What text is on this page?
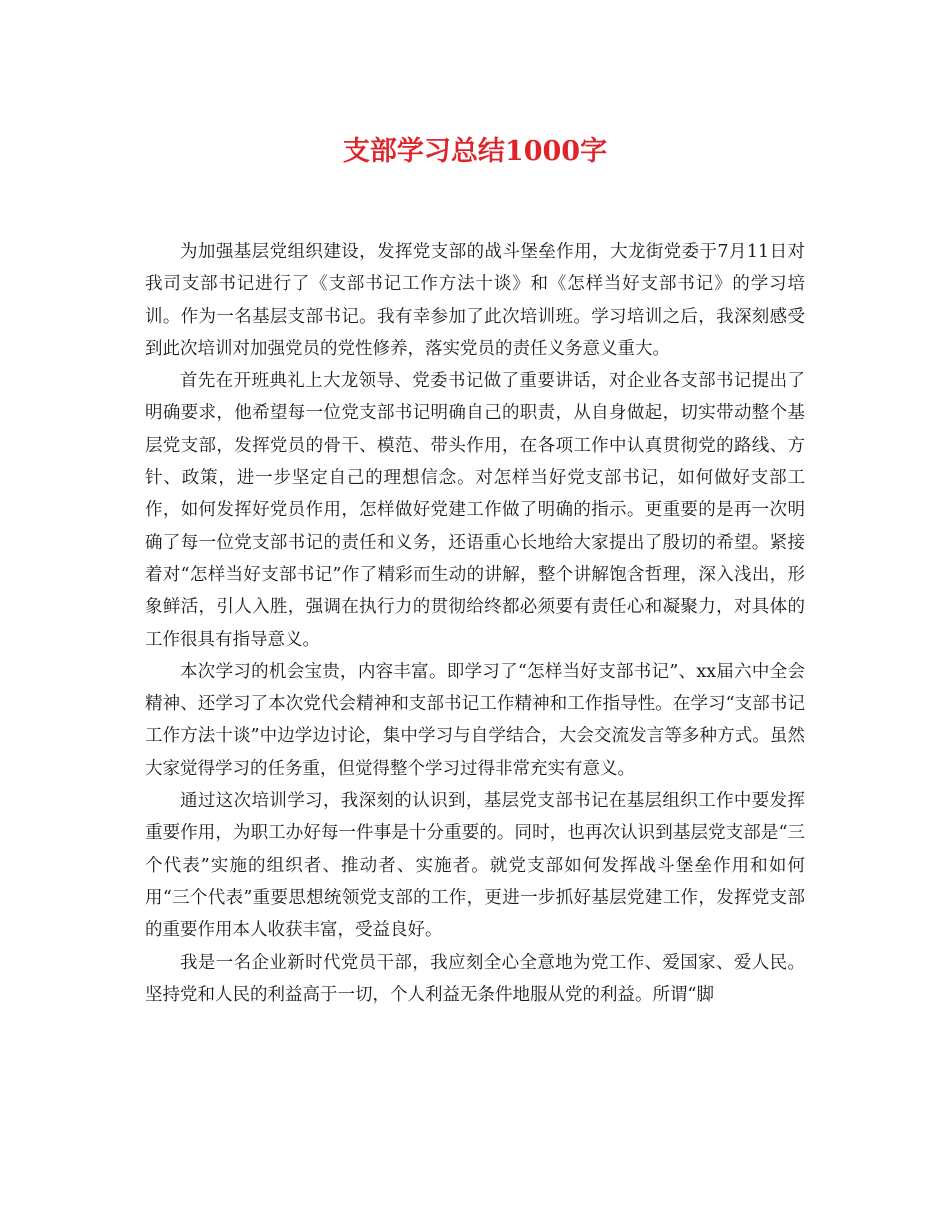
支部学习总结1000字

为加强基层党组织建设，发挥党支部的战斗堡垒作用，大龙街党委于7月11日对我司支部书记进行了《支部书记工作方法十谈》和《怎样当好支部书记》的学习培训。作为一名基层支部书记。我有幸参加了此次培训班。学习培训之后，我深刻感受到此次培训对加强党员的党性修养，落实党员的责任义务意义重大。

首先在开班典礼上大龙领导、党委书记做了重要讲话，对企业各支部书记提出了明确要求，他希望每一位党支部书记明确自己的职责，从自身做起，切实带动整个基层党支部，发挥党员的骨干、模范、带头作用，在各项工作中认真贯彻党的路线、方针、政策，进一步坚定自己的理想信念。对怎样当好党支部书记，如何做好支部工作，如何发挥好党员作用，怎样做好党建工作做了明确的指示。更重要的是再一次明确了每一位党支部书记的责任和义务，还语重心长地给大家提出了殷切的希望。紧接着对“怎样当好支部书记”作了精彩而生动的讲解，整个讲解饱含哲理，深入浅出，形象鲜活，引人入胜，强调在执行力的贯彻给终都必须要有责任心和凝聚力，对具体的工作很具有指导意义。

本次学习的机会宝贵，内容丰富。即学习了“怎样当好支部书记”、xx届六中全会精神、还学习了本次党代会精神和支部书记工作精神和工作指导性。在学习“支部书记工作方法十谈”中边学边讨论，集中学习与自学结合，大会交流发言等多种方式。虽然大家觉得学习的任务重，但觉得整个学习过得非常充实有意义。

通过这次培训学习，我深刻的认识到，基层党支部书记在基层组织工作中要发挥重要作用，为职工办好每一件事是十分重要的。同时，也再次认识到基层党支部是“三个代表”实施的组织者、推动者、实施者。就党支部如何发挥战斗堡垒作用和如何用“三个代表”重要思想统领党支部的工作，更进一步抓好基层党建工作，发挥党支部的重要作用本人收获丰富，受益良好。

我是一名企业新时代党员干部，我应刻全心全意地为党工作、爱国家、爱人民。坚持党和人民的利益高于一切，个人利益无条件地服从党的利益。所谓“脚
